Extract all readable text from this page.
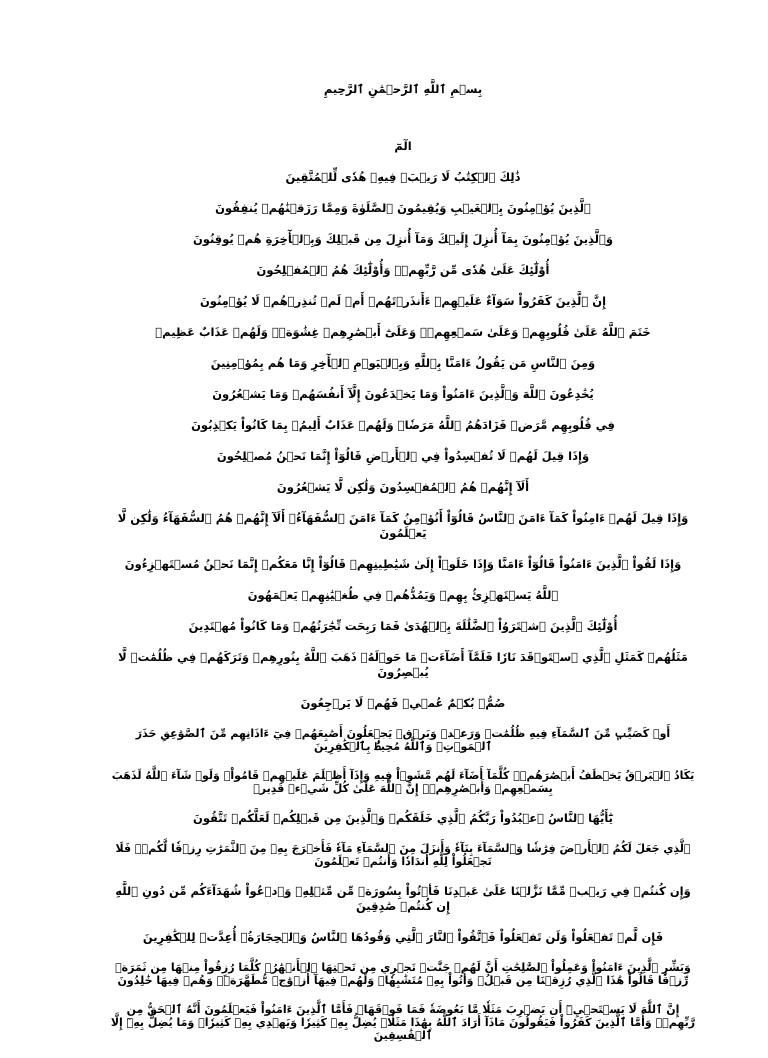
بِسۡمِ ٱللَّهِ ٱلرَّحۡمَٰنِ ٱلرَّحِيمِ
الٓمٓ
ذَٰلِكَ ٱلۡكِتَٰبُ لَا رَيۡبَۛ فِيهِۛ هُدٗى لِّلۡمُتَّقِينَ
ٱلَّذِينَ يُؤۡمِنُونَ بِٱلۡغَيۡبِ وَيُقِيمُونَ ٱلصَّلَوٰةَ وَمِمَّا رَزَقۡنَٰهُمۡ يُنفِقُونَ
وَٱلَّذِينَ يُؤۡمِنُونَ بِمَآ أُنزِلَ إِلَيۡكَ وَمَآ أُنزِلَ مِن قَبۡلِكَ وَبِٱلۡأٓخِرَةِ هُمۡ يُوقِنُونَ
أُوْلَٰٓئِكَ عَلَىٰ هُدٗى مِّن رَّبِّهِمۡۖ وَأُوْلَٰٓئِكَ هُمُ ٱلۡمُفۡلِحُونَ
إِنَّ ٱلَّذِينَ كَفَرُواْ سَوَآءٌ عَلَيۡهِمۡ ءَأَنذَرۡتَهُمۡ أَمۡ لَمۡ تُنذِرۡهُمۡ لَا يُؤۡمِنُونَ
خَتَمَ ٱللَّهُ عَلَىٰ قُلُوبِهِمۡ وَعَلَىٰ سَمۡعِهِمۡۖ وَعَلَىٰٓ أَبۡصَٰرِهِمۡ غِشَٰوَةٞۖ وَلَهُمۡ عَذَابٌ عَظِيمٞ
وَمِنَ ٱلنَّاسِ مَن يَقُولُ ءَامَنَّا بِٱللَّهِ وَبِٱلۡيَوۡمِ ٱلۡأٓخِرِ وَمَا هُم بِمُؤۡمِنِينَ
يُخَٰدِعُونَ ٱللَّهَ وَٱلَّذِينَ ءَامَنُواْ وَمَا يَخۡدَعُونَ إِلَّآ أَنفُسَهُمۡ وَمَا يَشۡعُرُونَ
فِي قُلُوبِهِم مَّرَضٞ فَزَادَهُمُ ٱللَّهُ مَرَضٗاۖ وَلَهُمۡ عَذَابٌ أَلِيمُۢ بِمَا كَانُواْ يَكۡذِبُونَ
وَإِذَا قِيلَ لَهُمۡ لَا تُفۡسِدُواْ فِي ٱلۡأَرۡضِ قَالُوٓاْ إِنَّمَا نَحۡنُ مُصۡلِحُونَ
أَلَآ إِنَّهُمۡ هُمُ ٱلۡمُفۡسِدُونَ وَلَٰكِن لَّا يَشۡعُرُونَ
وَإِذَا قِيلَ لَهُمۡ ءَامِنُواْ كَمَآ ءَامَنَ ٱلنَّاسُ قَالُوٓاْ أَنُؤۡمِنُ كَمَآ ءَامَنَ ٱلسُّفَهَآءُۗ أَلَآ إِنَّهُمۡ هُمُ ٱلسُّفَهَآءُ وَلَٰكِن لَّا يَعۡلَمُونَ
وَإِذَا لَقُواْ ٱلَّذِينَ ءَامَنُواْ قَالُوٓاْ ءَامَنَّا وَإِذَا خَلَوۡاْ إِلَىٰ شَيَٰطِينِهِمۡ قَالُوٓاْ إِنَّا مَعَكُمۡ إِنَّمَا نَحۡنُ مُسۡتَهۡزِءُونَ
ٱللَّهُ يَسۡتَهۡزِئُ بِهِمۡ وَيَمُدُّهُمۡ فِي طُغۡيَٰنِهِمۡ يَعۡمَهُونَ
أُوْلَٰٓئِكَ ٱلَّذِينَ ٱشۡتَرَوُاْ ٱلضَّلَٰلَةَ بِٱلۡهُدَىٰ فَمَا رَبِحَت تِّجَٰرَتُهُمۡ وَمَا كَانُواْ مُهۡتَدِينَ
مَثَلُهُمۡ كَمَثَلِ ٱلَّذِي ٱسۡتَوۡقَدَ نَارٗا فَلَمَّآ أَضَآءَتۡ مَا حَوۡلَهُۥ ذَهَبَ ٱللَّهُ بِنُورِهِمۡ وَتَرَكَهُمۡ فِي ظُلُمَٰتٖ لَّا يُبۡصِرُونَ
صُمُّۢ بُكۡمٌ عُمۡيٞ فَهُمۡ لَا يَرۡجِعُونَ
أَوۡ كَصَيِّبٖ مِّنَ ٱلسَّمَآءِ فِيهِ ظُلُمَٰتٞ وَرَعۡدٞ وَبَرۡقٞ يَجۡعَلُونَ أَصَٰبِعَهُمۡ فِيٓ ءَاذَانِهِم مِّنَ ٱلصَّوَٰعِقِ حَذَرَ ٱلۡمَوۡتِۚ وَٱللَّهُ مُحِيطُۢ بِٱلۡكَٰفِرِينَ
يَكَادُ ٱلۡبَرۡقُ يَخۡطَفُ أَبۡصَٰرَهُمۡۖ كُلَّمَآ أَضَآءَ لَهُم مَّشَوۡاْ فِيهِ وَإِذَآ أَظۡلَمَ عَلَيۡهِمۡ قَامُواْۚ وَلَوۡ شَآءَ ٱللَّهُ لَذَهَبَ بِسَمۡعِهِمۡ وَأَبۡصَٰرِهِمۡۚ إِنَّ ٱللَّهَ عَلَىٰ كُلِّ شَيۡءٖ قَدِيرٞ
يَٰٓأَيُّهَا ٱلنَّاسُ ٱعۡبُدُواْ رَبَّكُمُ ٱلَّذِي خَلَقَكُمۡ وَٱلَّذِينَ مِن قَبۡلِكُمۡ لَعَلَّكُمۡ تَتَّقُونَ
ٱلَّذِي جَعَلَ لَكُمُ ٱلۡأَرۡضَ فِرَٰشٗا وَٱلسَّمَآءَ بِنَآءٗ وَأَنزَلَ مِنَ ٱلسَّمَآءِ مَآءٗ فَأَخۡرَجَ بِهِۦ مِنَ ٱلثَّمَرَٰتِ رِزۡقٗا لَّكُمۡۖ فَلَا تَجۡعَلُواْ لِلَّهِ أَندَادٗا وَأَنتُمۡ تَعۡلَمُونَ
وَإِن كُنتُمۡ فِي رَيۡبٖ مِّمَّا نَزَّلۡنَا عَلَىٰ عَبۡدِنَا فَأۡتُواْ بِسُورَةٖ مِّن مِّثۡلِهِۦ وَٱدۡعُواْ شُهَدَآءَكُم مِّن دُونِ ٱللَّهِ إِن كُنتُمۡ صَٰدِقِينَ
فَإِن لَّمۡ تَفۡعَلُواْ وَلَن تَفۡعَلُواْ فَٱتَّقُواْ ٱلنَّارَ ٱلَّتِي وَقُودُهَا ٱلنَّاسُ وَٱلۡحِجَارَةُۖ أُعِدَّتۡ لِلۡكَٰفِرِينَ
وَبَشِّرِ ٱلَّذِينَ ءَامَنُواْ وَعَمِلُواْ ٱلصَّٰلِحَٰتِ أَنَّ لَهُمۡ جَنَّٰتٖ تَجۡرِي مِن تَحۡتِهَا ٱلۡأَنۡهَٰرُۖ كُلَّمَا رُزِقُواْ مِنۡهَا مِن ثَمَرَةٖ رِّزۡقٗا قَالُواْ هَٰذَا ٱلَّذِي رُزِقۡنَا مِن قَبۡلُۖ وَأُتُواْ بِهِۦ مُتَشَٰبِهٗاۖ وَلَهُمۡ فِيهَآ أَزۡوَٰجٞ مُّطَهَّرَةٞۖ وَهُمۡ فِيهَا خَٰلِدُونَ
إِنَّ ٱللَّهَ لَا يَسۡتَحۡيِۦٓ أَن يَضۡرِبَ مَثَلٗا مَّا بَعُوضَةٗ فَمَا فَوۡقَهَاۚ فَأَمَّا ٱلَّذِينَ ءَامَنُواْ فَيَعۡلَمُونَ أَنَّهُ ٱلۡحَقُّ مِن رَّبِّهِمۡۖ وَأَمَّا ٱلَّذِينَ كَفَرُواْ فَيَقُولُونَ مَاذَآ أَرَادَ ٱللَّهُ بِهَٰذَا مَثَلٗاۘ يُضِلُّ بِهِۦ كَثِيرٗا وَيَهۡدِي بِهِۦ كَثِيرٗاۚ وَمَا يُضِلُّ بِهِۦٓ إِلَّا ٱلۡفَٰسِقِينَ
